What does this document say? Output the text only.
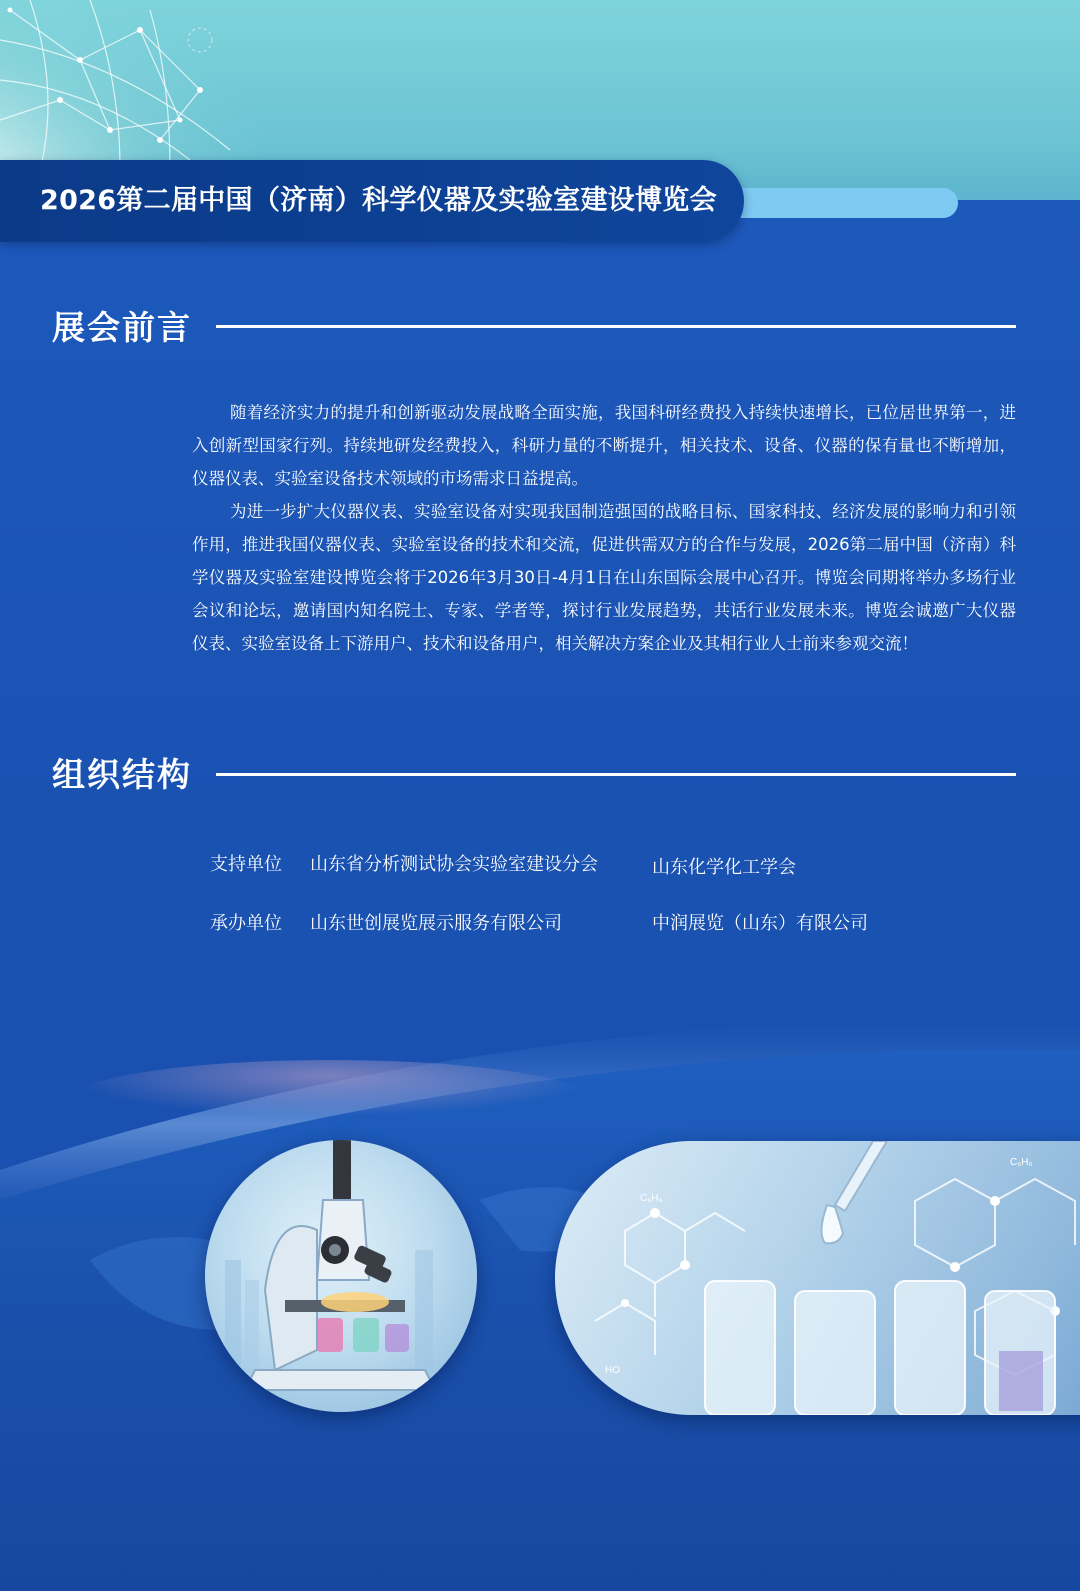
2026第二届中国（济南）科学仪器及实验室建设博览会
展会前言

随着经济实力的提升和创新驱动发展战略全面实施，我国科研经费投入持续快速增长，已位居世界第一，进入创新型国家行列。持续地研发经费投入，科研力量的不断提升，相关技术、设备、仪器的保有量也不断增加，仪器仪表、实验室设备技术领域的市场需求日益提高。

为进一步扩大仪器仪表、实验室设备对实现我国制造强国的战略目标、国家科技、经济发展的影响力和引领作用，推进我国仪器仪表、实验室设备的技术和交流，促进供需双方的合作与发展，2026第二届中国（济南）科学仪器及实验室建设博览会将于2026年3月30日-4月1日在山东国际会展中心召开。博览会同期将举办多场行业会议和论坛，邀请国内知名院士、专家、学者等，探讨行业发展趋势，共话行业发展未来。博览会诚邀广大仪器仪表、实验室设备上下游用户、技术和设备用户，相关解决方案企业及其相行业人士前来参观交流！

组织结构
支持单位 山东省分析测试协会实验室建设分会	山东化学化工学会
承办单位 山东世创展览展示服务有限公司	中润展览（山东）有限公司
C₆H₆
C₆H₆
HO
